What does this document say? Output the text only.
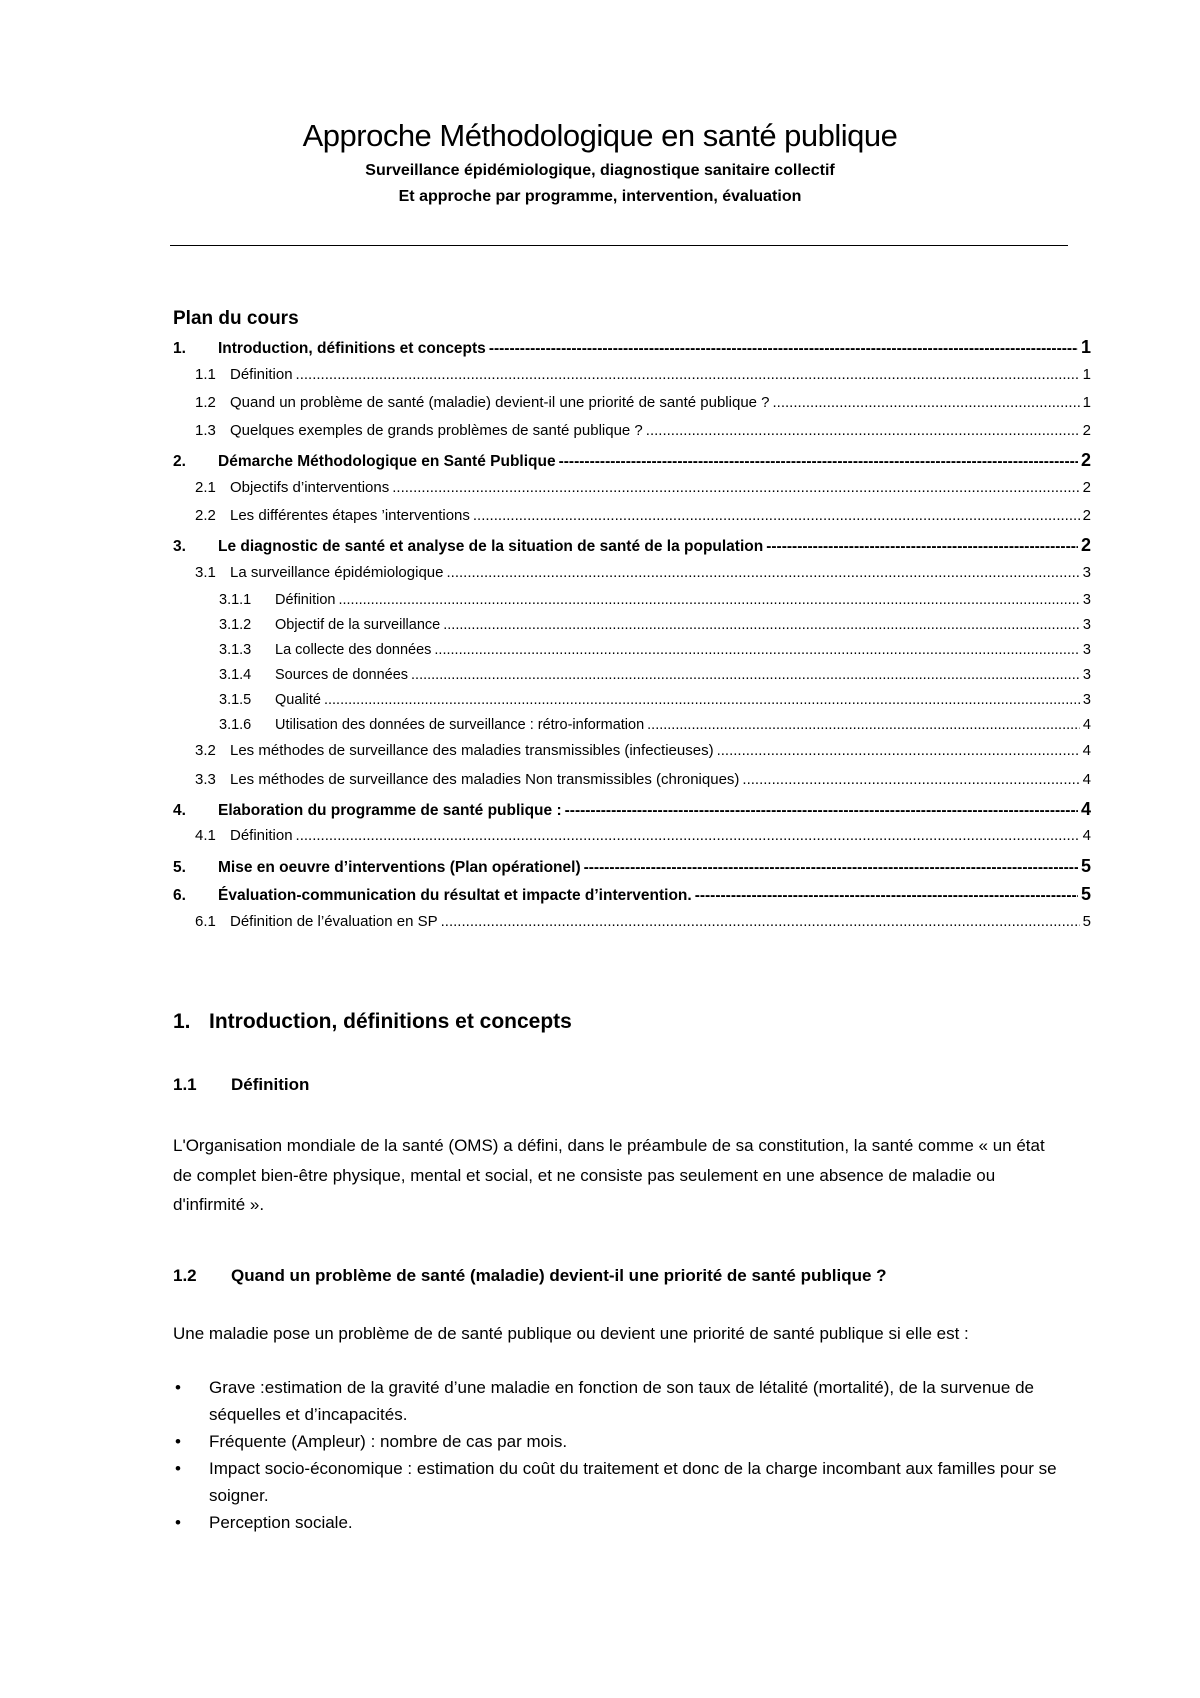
Approche Méthodologique en santé publique
Surveillance épidémiologique, diagnostique sanitaire collectif
Et approche par programme, intervention, évaluation
Plan du cours
1.	Introduction, définitions et concepts -----	1
1.1 Définition .....	1
1.2 Quand un problème de santé (maladie) devient-il une priorité de santé publique ? .....	1
1.3 Quelques exemples de grands problèmes de santé publique ? .....	2
2.	Démarche Méthodologique en Santé Publique -----	2
2.1 Objectifs d’interventions .....	2
2.2 Les différentes étapes ’interventions .....	2
3.	Le diagnostic de santé et analyse de la situation de santé de la population -----	2
3.1 La surveillance épidémiologique .....	3
3.1.1	Définition .....	3
3.1.2	Objectif de la surveillance .....	3
3.1.3	La collecte des données .....	3
3.1.4	Sources de données .....	3
3.1.5	Qualité .....	3
3.1.6	Utilisation des données de surveillance : rétro-information .....	4
3.2 Les méthodes de surveillance des maladies transmissibles (infectieuses) .....	4
3.3 Les méthodes de surveillance des maladies Non transmissibles (chroniques) .....	4
4.	Elaboration du programme de santé publique : -----	4
4.1 Définition .....	4
5.	Mise en oeuvre d’interventions (Plan opérationel) -----	5
6.	Évaluation-communication du résultat et impacte d’intervention. -----	5
6.1 Définition de l’évaluation en SP .....	5
1. Introduction, définitions et concepts
1.1 Définition
L'Organisation mondiale de la santé (OMS) a défini, dans le préambule de sa constitution, la santé comme « un état de complet bien-être physique, mental et social, et ne consiste pas seulement en une absence de maladie ou d'infirmité ».
1.2 Quand un problème de santé (maladie) devient-il une priorité de santé publique ?
Une maladie pose un problème de de santé publique ou devient une priorité de santé publique si elle est :
• Grave :estimation de la gravité d’une maladie en fonction de son taux de létalité (mortalité), de la survenue de séquelles et d’incapacités.
• Fréquente (Ampleur) : nombre de cas par mois.
• Impact socio-économique : estimation du coût du traitement et donc de la charge incombant aux familles pour se soigner.
• Perception sociale.
